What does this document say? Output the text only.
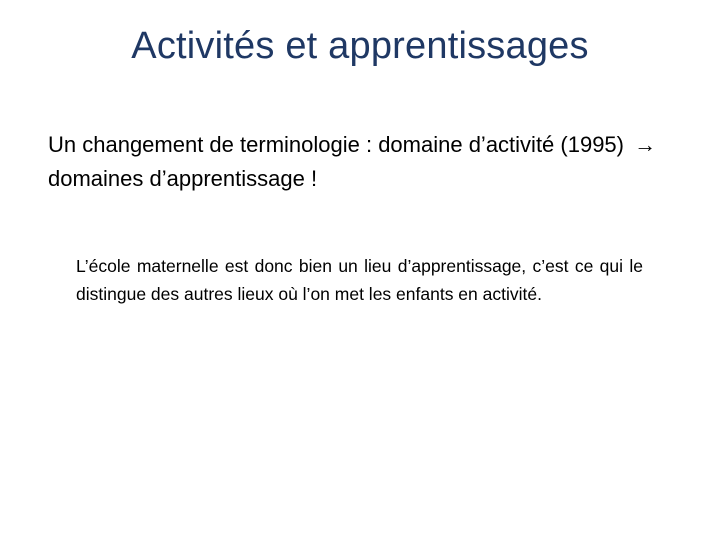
Activités et apprentissages
Un changement de terminologie : domaine d’activité (1995) → domaines d’apprentissage !
L’école maternelle est donc bien un lieu d’apprentissage, c’est ce qui le distingue des autres lieux où l’on met les enfants en activité.
